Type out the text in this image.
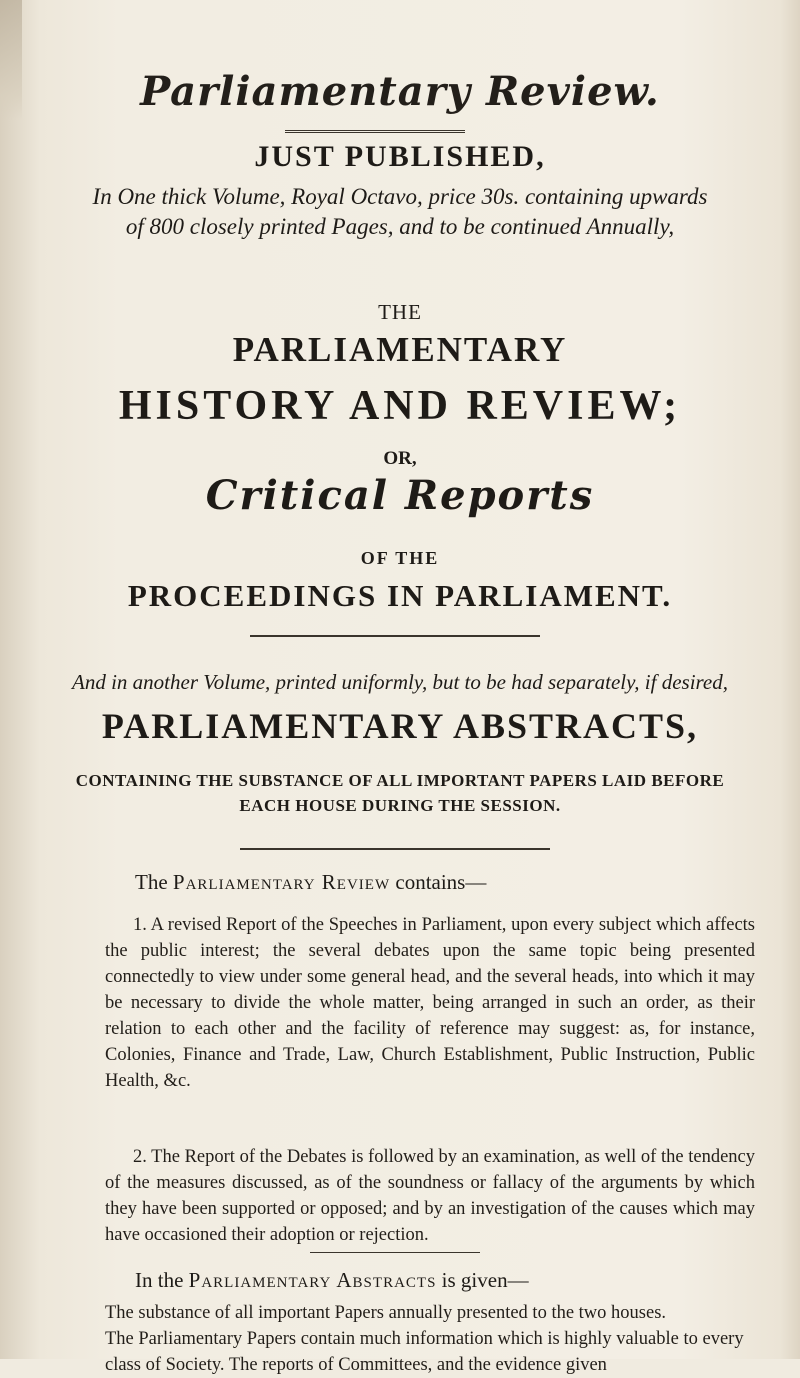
Parliamentary Review.
JUST PUBLISHED,
In One thick Volume, Royal Octavo, price 30s. containing upwards
of 800 closely printed Pages, and to be continued Annually,
THE
PARLIAMENTARY
HISTORY AND REVIEW;
OR,
Critical Reports
OF THE
PROCEEDINGS IN PARLIAMENT.
And in another Volume, printed uniformly, but to be had separately, if desired,
PARLIAMENTARY ABSTRACTS,
CONTAINING THE SUBSTANCE OF ALL IMPORTANT PAPERS LAID BEFORE
EACH HOUSE DURING THE SESSION.
The Parliamentary Review contains—
1. A revised Report of the Speeches in Parliament, upon every subject which affects the public interest; the several debates upon the same topic being presented connectedly to view under some general head, and the several heads, into which it may be necessary to divide the whole matter, being arranged in such an order, as their relation to each other and the facility of reference may suggest: as, for instance, Colonies, Finance and Trade, Law, Church Establishment, Public Instruction, Public Health, &c.
2. The Report of the Debates is followed by an examination, as well of the tendency of the measures discussed, as of the soundness or fallacy of the arguments by which they have been supported or opposed; and by an investigation of the causes which may have occasioned their adoption or rejection.
In the Parliamentary Abstracts is given—
The substance of all important Papers annually presented to the two houses.
The Parliamentary Papers contain much information which is highly valuable to every class of Society. The reports of Committees, and the evidence given
